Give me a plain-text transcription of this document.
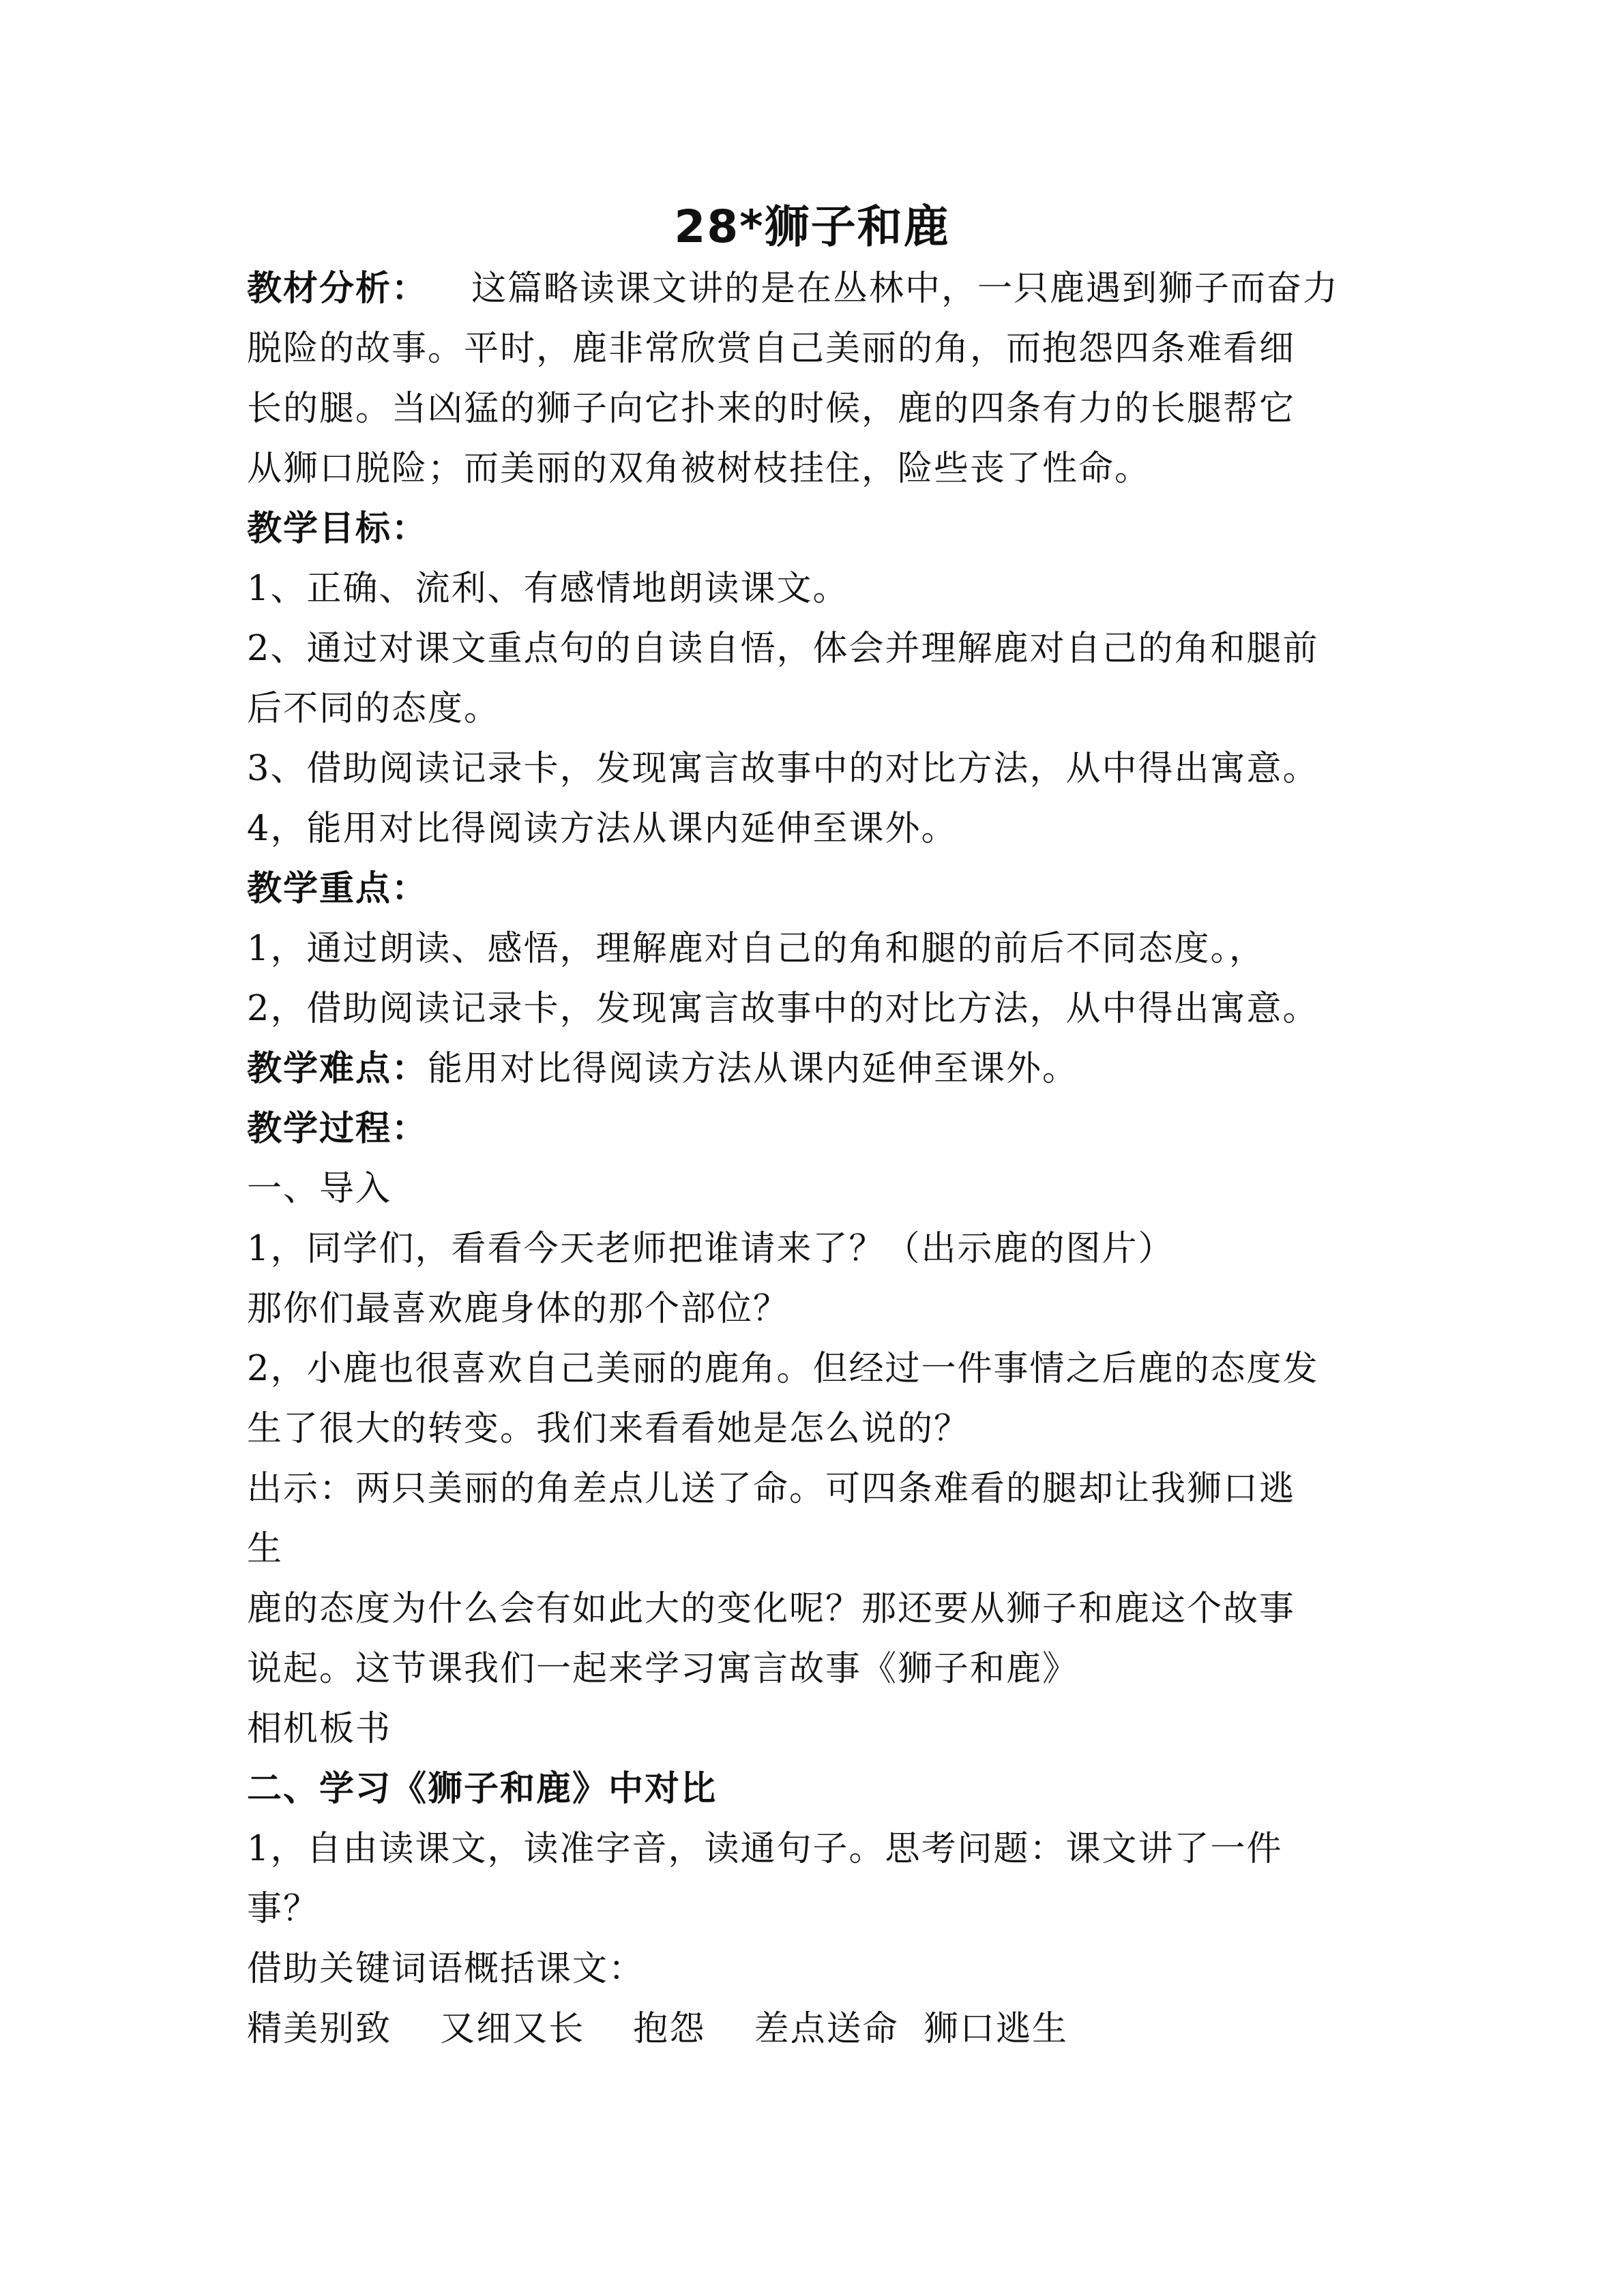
28*狮子和鹿
教材分析： 这篇略读课文讲的是在丛林中，一只鹿遇到狮子而奋力
脱险的故事。平时，鹿非常欣赏自己美丽的角，而抱怨四条难看细
长的腿。当凶猛的狮子向它扑来的时候，鹿的四条有力的长腿帮它
从狮口脱险；而美丽的双角被树枝挂住，险些丧了性命。
教学目标：
1、正确、流利、有感情地朗读课文。
2、通过对课文重点句的自读自悟，体会并理解鹿对自己的角和腿前
后不同的态度。
3、借助阅读记录卡，发现寓言故事中的对比方法，从中得出寓意。
4，能用对比得阅读方法从课内延伸至课外。
教学重点：
1，通过朗读、感悟，理解鹿对自己的角和腿的前后不同态度。，
2，借助阅读记录卡，发现寓言故事中的对比方法，从中得出寓意。
教学难点：能用对比得阅读方法从课内延伸至课外。
教学过程：
一、导入
1，同学们，看看今天老师把谁请来了？（出示鹿的图片）
那你们最喜欢鹿身体的那个部位？
2，小鹿也很喜欢自己美丽的鹿角。但经过一件事情之后鹿的态度发
生了很大的转变。我们来看看她是怎么说的？
出示：两只美丽的角差点儿送了命。可四条难看的腿却让我狮口逃
生
鹿的态度为什么会有如此大的变化呢？那还要从狮子和鹿这个故事
说起。这节课我们一起来学习寓言故事《狮子和鹿》
相机板书
二、学习《狮子和鹿》中对比
1，自由读课文，读准字音，读通句子。思考问题：课文讲了一件
事？
借助关键词语概括课文：
精美别致　 又细又长　 抱怨　 差点送命  狮口逃生
